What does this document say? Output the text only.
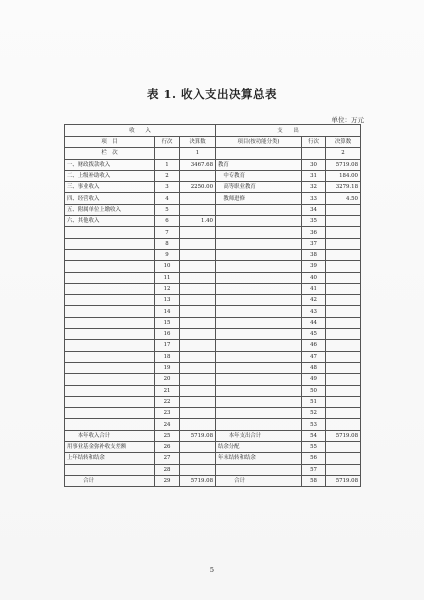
表 1. 收入支出决算总表
单位：万元
收　　入			支　　出		
项　目	行次	决算数	项目(按功能分类)	行次	决算数
栏　次		1			2
一、财政拨款收入	1	3467.68	教育	30	5719.08
二、上级补助收入	2		　中专教育	31	184.00
三、事业收入	3	2250.00	　高等职业教育	32	3279.18
四、经营收入	4		　教师进修	33	4.50
五、附属单位上缴收入	5			34	
六、其他收入	6	1.40		35	
	7			36	
	8			37	
	9			38	
	10			39	
	11			40	
	12			41	
	13			42	
	14			43	
	15			44	
	16			45	
	17			46	
	18			47	
	19			48	
	20			49	
	21			50	
	22			51	
	23			52	
	24			53	
　　本年收入合计	25	5719.08	　　本年支出合计	54	5719.08
用事业基金弥补收支差额	26		结余分配	55	
上年结转和结余	27		年末结转和结余	56	
	28			57	
　　　合计	29	5719.08	　　　合计	58	5719.08
5
